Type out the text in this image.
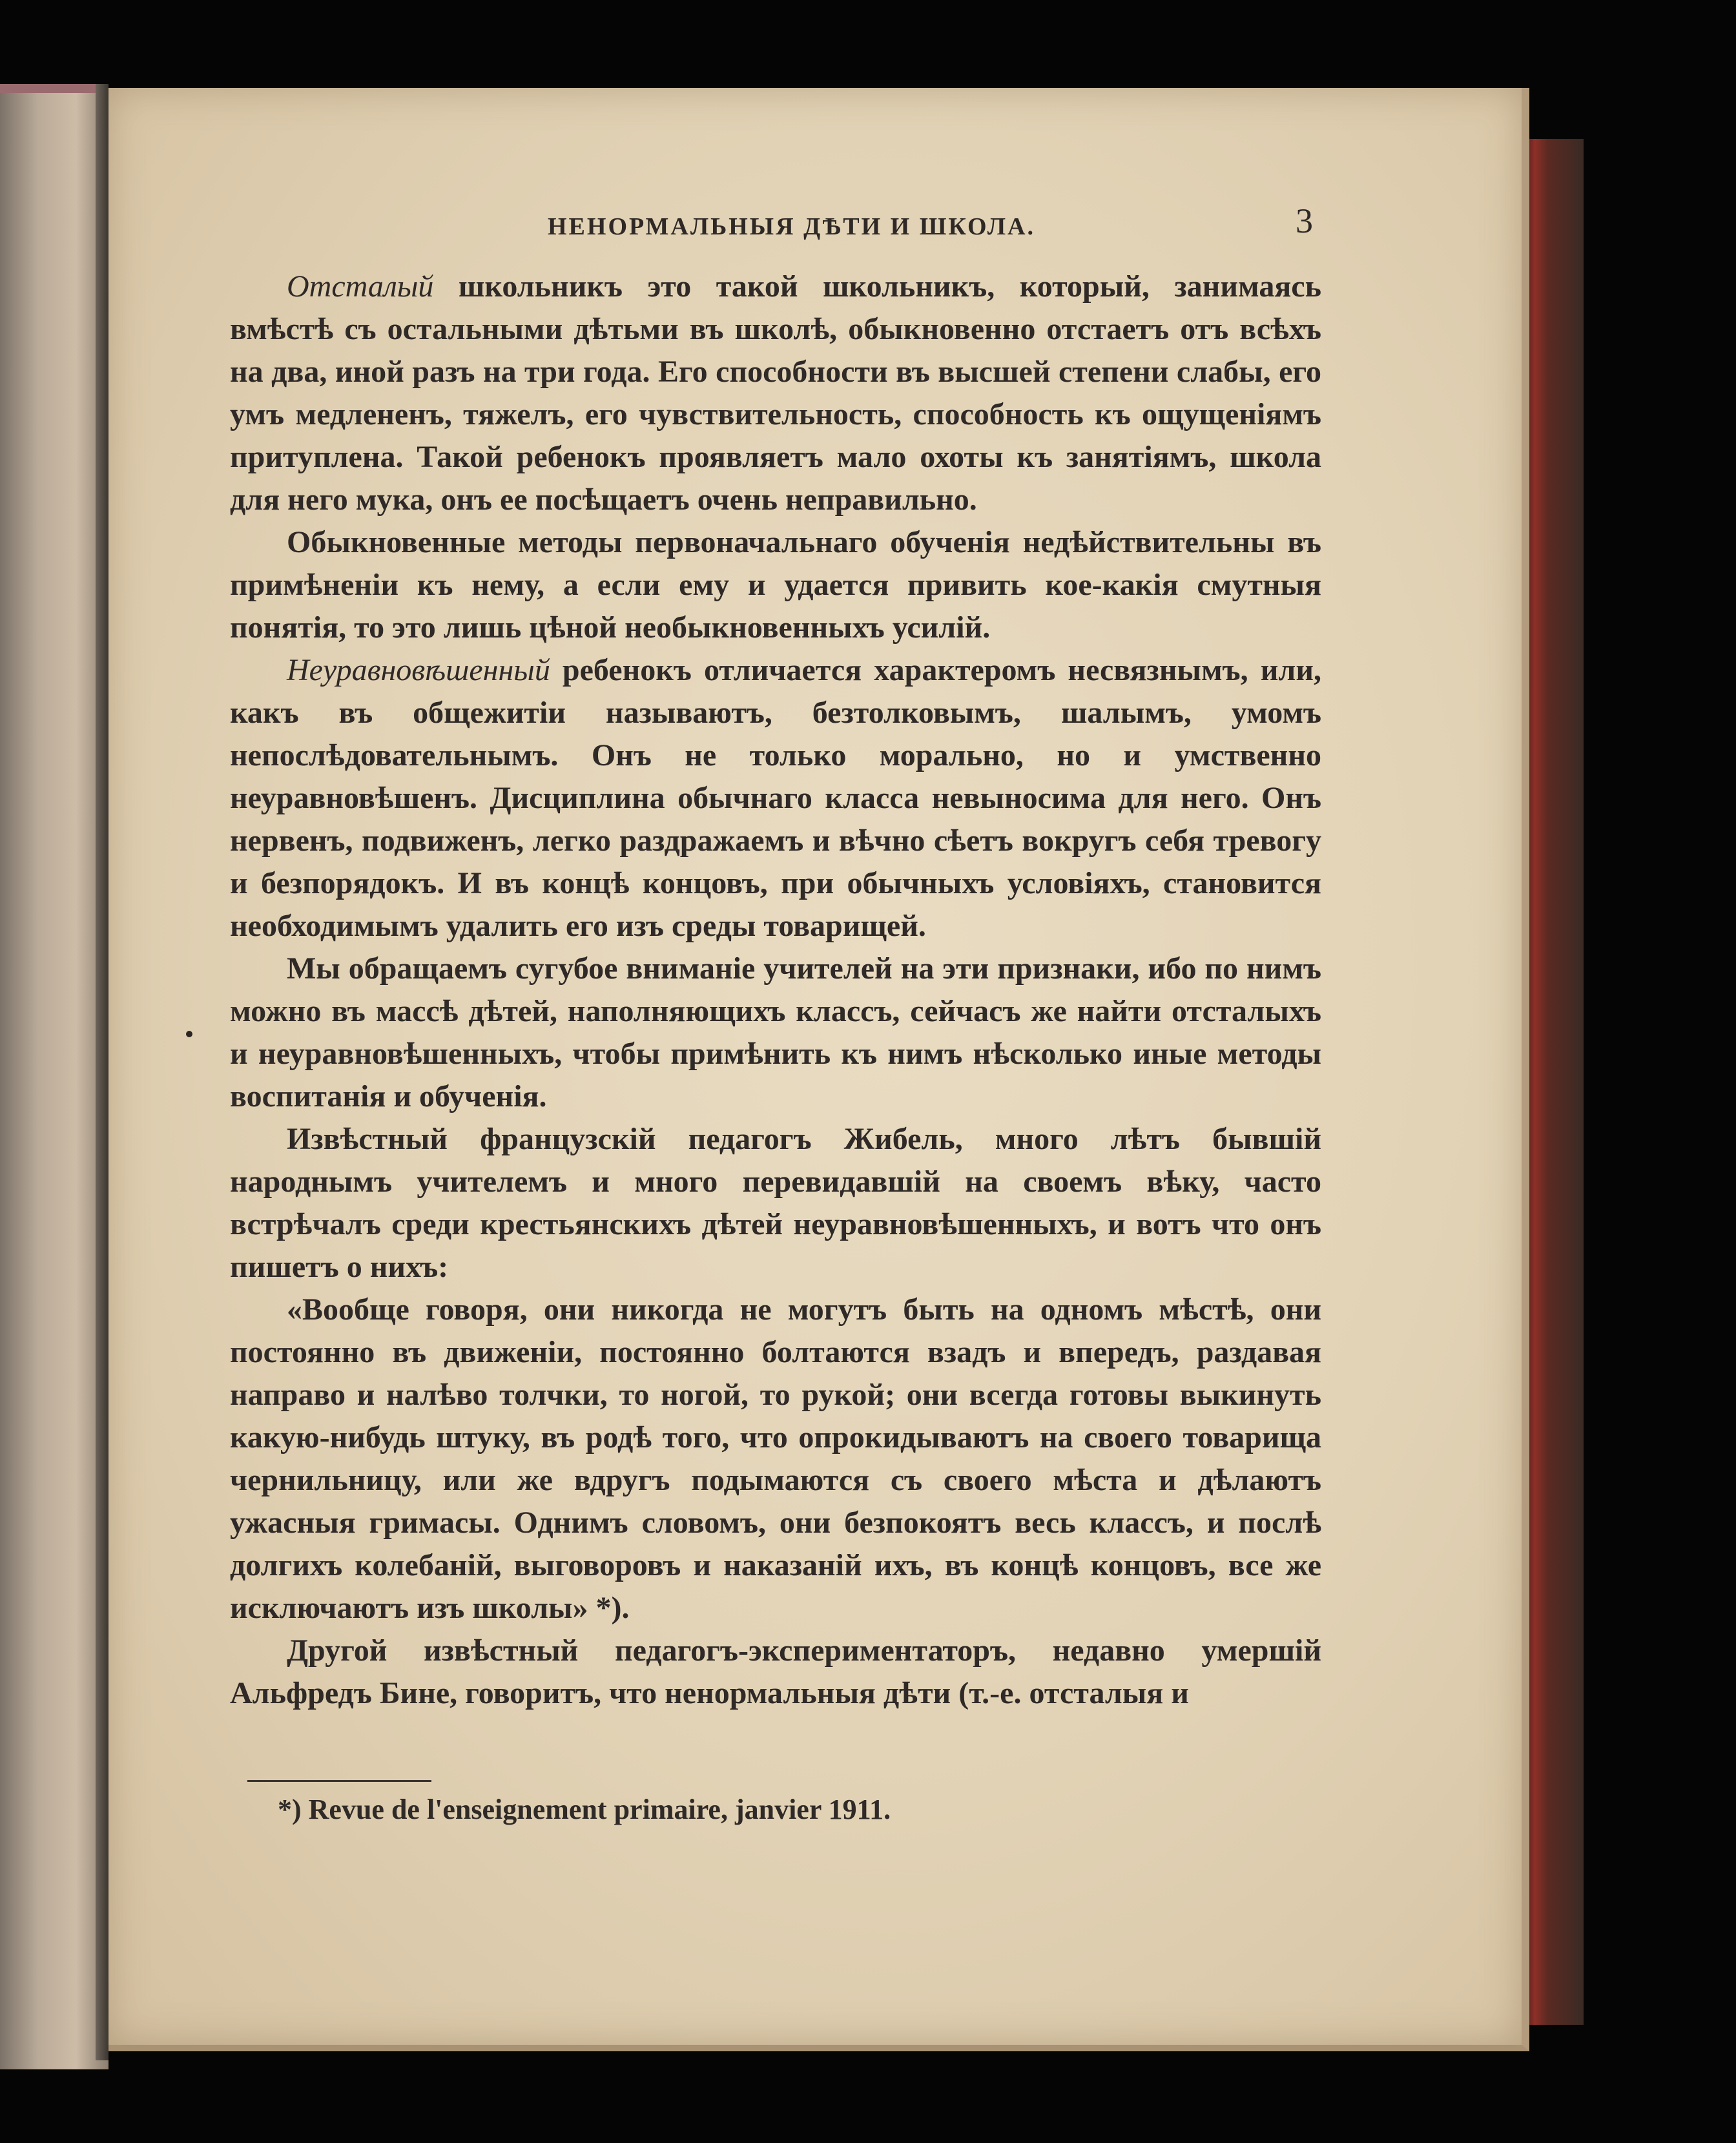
НЕНОРМАЛЬНЫЯ ДѢТИ И ШКОЛА.	3

Отсталый школьникъ это такой школьникъ, который, занимаясь вмѣстѣ съ остальными дѣтьми въ школѣ, обыкновенно отстаетъ отъ всѣхъ на два, иной разъ на три года. Его способности въ высшей степени слабы, его умъ медлененъ, тяжелъ, его чувствительность, способность къ ощущеніямъ притуплена. Такой ребенокъ проявляетъ мало охоты къ занятіямъ, школа для него мука, онъ ее посѣщаетъ очень неправильно.

Обыкновенные методы первоначальнаго обученія недѣйствительны въ примѣненіи къ нему, а если ему и удается привить кое-какія смутныя понятія, то это лишь цѣной необыкновенныхъ усилій.

Неуравновѣшенный ребенокъ отличается характеромъ несвязнымъ, или, какъ въ общежитіи называютъ, безтолковымъ, шалымъ, умомъ непослѣдовательнымъ. Онъ не только морально, но и умственно неуравновѣшенъ. Дисциплина обычнаго класса невыносима для него. Онъ нервенъ, подвиженъ, легко раздражаемъ и вѣчно сѣетъ вокругъ себя тревогу и безпорядокъ. И въ концѣ концовъ, при обычныхъ условіяхъ, становится необходимымъ удалить его изъ среды товарищей.

Мы обращаемъ сугубое вниманіе учителей на эти признаки, ибо по нимъ можно въ массѣ дѣтей, наполняющихъ классъ, сейчасъ же найти отсталыхъ и неуравновѣшенныхъ, чтобы примѣнить къ нимъ нѣсколько иные методы воспитанія и обученія.

Извѣстный французскій педагогъ Жибель, много лѣтъ бывшій народнымъ учителемъ и много перевидавшій на своемъ вѣку, часто встрѣчалъ среди крестьянскихъ дѣтей неуравновѣшенныхъ, и вотъ что онъ пишетъ о нихъ:

«Вообще говоря, они никогда не могутъ быть на одномъ мѣстѣ, они постоянно въ движеніи, постоянно болтаются взадъ и впередъ, раздавая направо и налѣво толчки, то ногой, то рукой; они всегда готовы выкинуть какую-нибудь штуку, въ родѣ того, что опрокидываютъ на своего товарища чернильницу, или же вдругъ подымаются съ своего мѣста и дѣлаютъ ужасныя гримасы. Однимъ словомъ, они безпокоятъ весь классъ, и послѣ долгихъ колебаній, выговоровъ и наказаній ихъ, въ концѣ концовъ, все же исключаютъ изъ школы» *).

Другой извѣстный педагогъ-экспериментаторъ, недавно умершій Альфредъ Бине, говоритъ, что ненормальныя дѣти (т.-е. отсталыя и

*) Revue de l'enseignement primaire, janvier 1911.
